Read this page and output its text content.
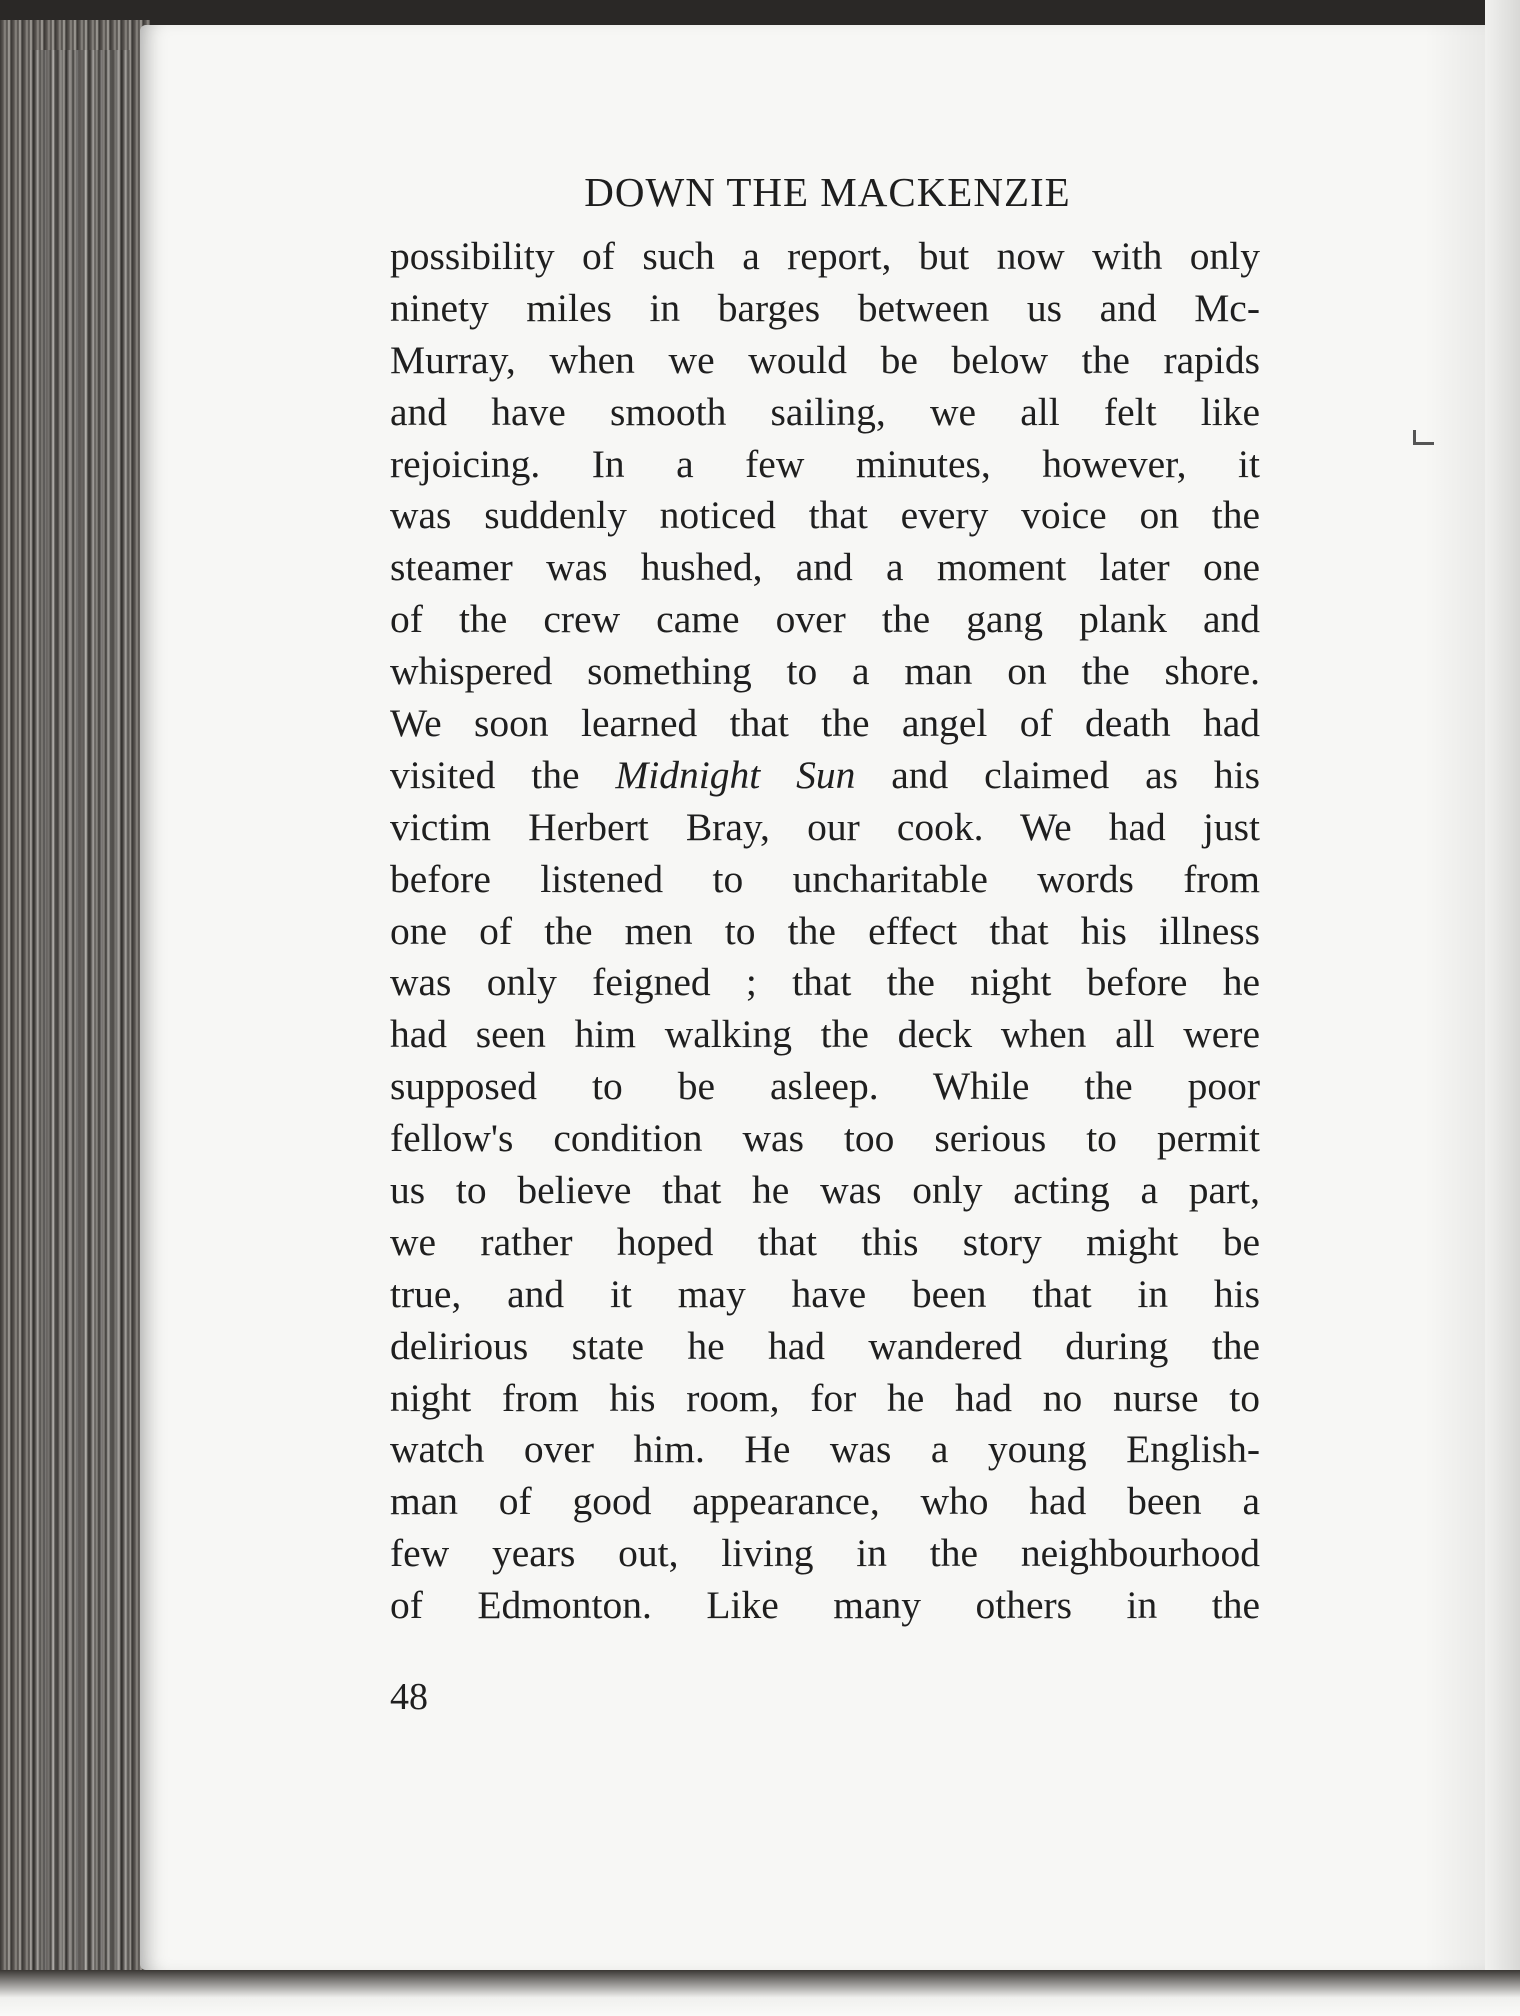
DOWN THE MACKENZIE
possibility of such a report, but now with only
ninety miles in barges between us and Mc-
Murray, when we would be below the rapids
and have smooth sailing, we all felt like
rejoicing. In a few minutes, however, it
was suddenly noticed that every voice on the
steamer was hushed, and a moment later one
of the crew came over the gang plank and
whispered something to a man on the shore.
We soon learned that the angel of death had
visited the Midnight Sun and claimed as his
victim Herbert Bray, our cook. We had just
before listened to uncharitable words from
one of the men to the effect that his illness
was only feigned ; that the night before he
had seen him walking the deck when all were
supposed to be asleep. While the poor
fellow's condition was too serious to permit
us to believe that he was only acting a part,
we rather hoped that this story might be
true, and it may have been that in his
delirious state he had wandered during the
night from his room, for he had no nurse to
watch over him. He was a young English-
man of good appearance, who had been a
few years out, living in the neighbourhood
of Edmonton. Like many others in the
48
